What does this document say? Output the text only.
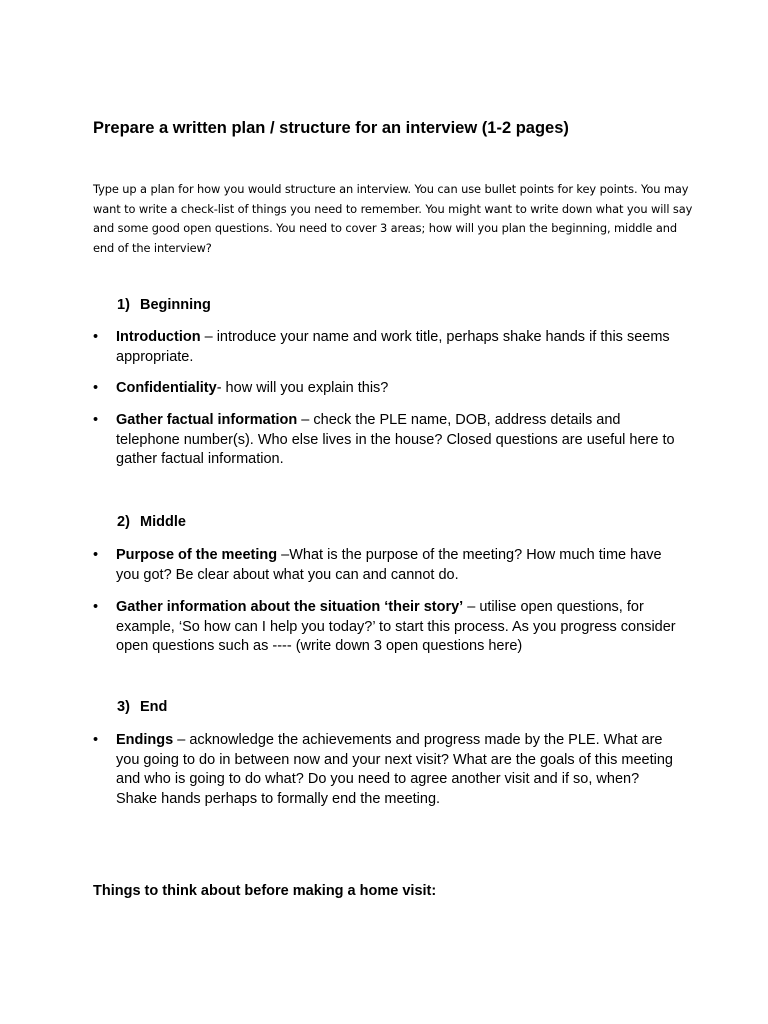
Prepare a written plan / structure for an interview (1-2 pages)

Type up a plan for how you would structure an interview. You can use bullet points for key points. You may want to write a check-list of things you need to remember. You might want to write down what you will say and some good open questions. You need to cover 3 areas; how will you plan the beginning, middle and end of the interview?

1) Beginning
•	Introduction – introduce your name and work title, perhaps shake hands if this seems appropriate.
•	Confidentiality- how will you explain this?
•	Gather factual information – check the PLE name, DOB, address details and telephone number(s). Who else lives in the house? Closed questions are useful here to gather factual information.
2) Middle
•	Purpose of the meeting –What is the purpose of the meeting? How much time have you got? Be clear about what you can and cannot do.
•	Gather information about the situation ‘their story’ – utilise open questions, for example, ‘So how can I help you today?’ to start this process. As you progress consider open questions such as ---- (write down 3 open questions here)
3) End
•	Endings – acknowledge the achievements and progress made by the PLE. What are you going to do in between now and your next visit? What are the goals of this meeting and who is going to do what? Do you need to agree another visit and if so, when? Shake hands perhaps to formally end the meeting.
Things to think about before making a home visit:
